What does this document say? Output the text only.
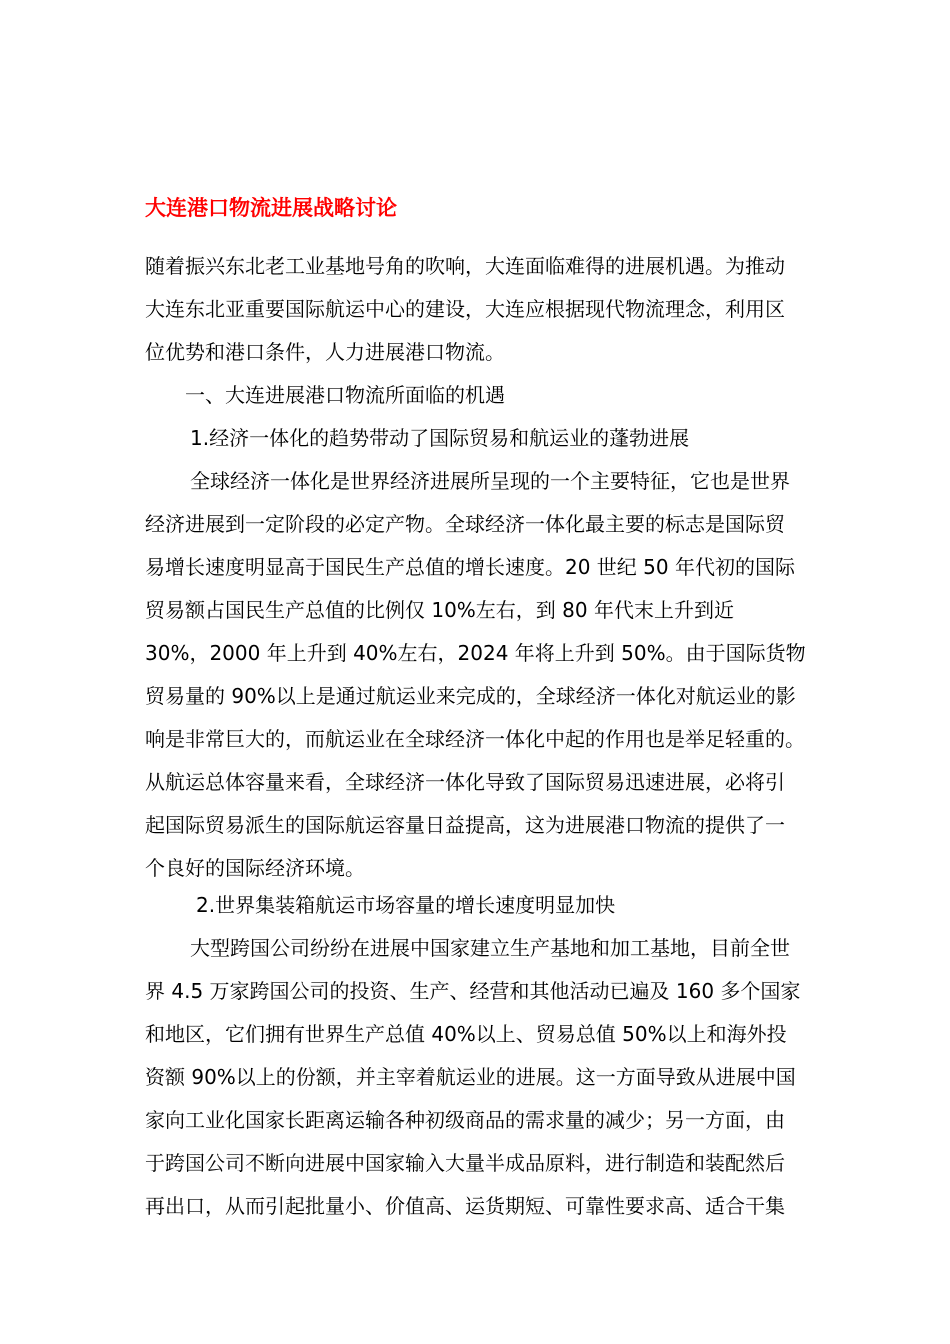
大连港口物流进展战略讨论
随着振兴东北老工业基地号角的吹响，大连面临难得的进展机遇。为推动
大连东北亚重要国际航运中心的建设，大连应根据现代物流理念，利用区
位优势和港口条件，人力进展港口物流。
一、大连进展港口物流所面临的机遇
1.经济一体化的趋势带动了国际贸易和航运业的蓬勃进展
全球经济一体化是世界经济进展所呈现的一个主要特征，它也是世界
经济进展到一定阶段的必定产物。全球经济一体化最主要的标志是国际贸
易增长速度明显高于国民生产总值的增长速度。20 世纪 50 年代初的国际
贸易额占国民生产总值的比例仅 10%左右，到 80 年代末上升到近
30%，2000 年上升到 40%左右，2024 年将上升到 50%。由于国际货物
贸易量的 90%以上是通过航运业来完成的，全球经济一体化对航运业的影
响是非常巨大的，而航运业在全球经济一体化中起的作用也是举足轻重的。
从航运总体容量来看，全球经济一体化导致了国际贸易迅速进展，必将引
起国际贸易派生的国际航运容量日益提高，这为进展港口物流的提供了一
个良好的国际经济环境。
2.世界集装箱航运市场容量的增长速度明显加快
大型跨国公司纷纷在进展中国家建立生产基地和加工基地，目前全世
界 4.5 万家跨国公司的投资、生产、经营和其他活动已遍及 160 多个国家
和地区，它们拥有世界生产总值 40%以上、贸易总值 50%以上和海外投
资额 90%以上的份额，并主宰着航运业的进展。这一方面导致从进展中国
家向工业化国家长距离运输各种初级商品的需求量的减少；另一方面，由
于跨国公司不断向进展中国家输入大量半成品原料，进行制造和装配然后
再出口，从而引起批量小、价值高、运货期短、可靠性要求高、适合干集
